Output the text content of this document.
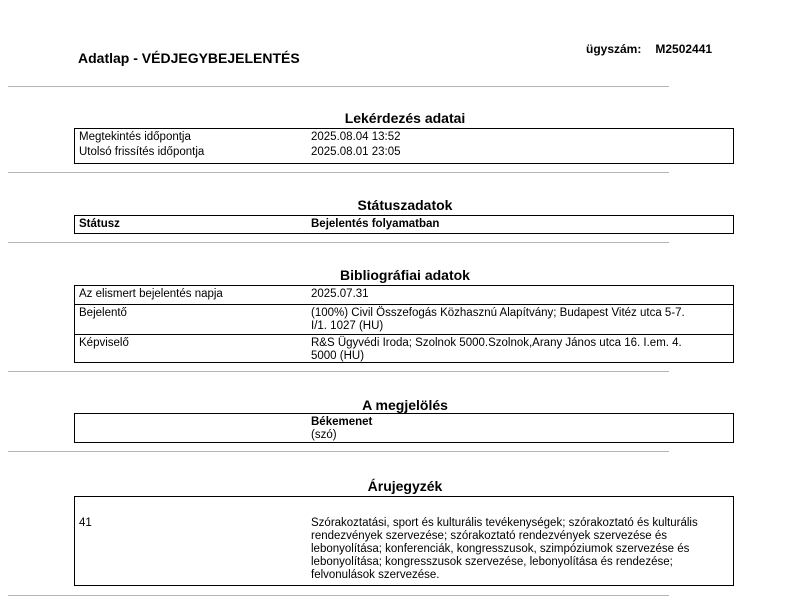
Adatlap - VÉDJEGYBEJELENTÉS
ügyszám: M2502441
Lekérdezés adatai
Megtekintés időpontja	2025.08.04 13:52
Utolsó frissítés időpontja	2025.08.01 23:05
Státuszadatok
Státusz	Bejelentés folyamatban
Bibliográfiai adatok
Az elismert bejelentés napja	2025.07.31
Bejelentő	(100%) Civil Összefogás Közhasznú Alapítvány; Budapest Vitéz utca 5-7.
I/1. 1027 (HU)
Képviselő	R&S Ügyvédi Iroda; Szolnok 5000.Szolnok,Arany János utca 16. I.em. 4.
5000 (HU)
A megjelölés
Békemenet
(szó)
Árujegyzék
41	Szórakoztatási, sport és kulturális tevékenységek; szórakoztató és kulturális
rendezvények szervezése; szórakoztató rendezvények szervezése és
lebonyolítása; konferenciák, kongresszusok, szimpóziumok szervezése és
lebonyolítása; kongresszusok szervezése, lebonyolítása és rendezése;
felvonulások szervezése.
